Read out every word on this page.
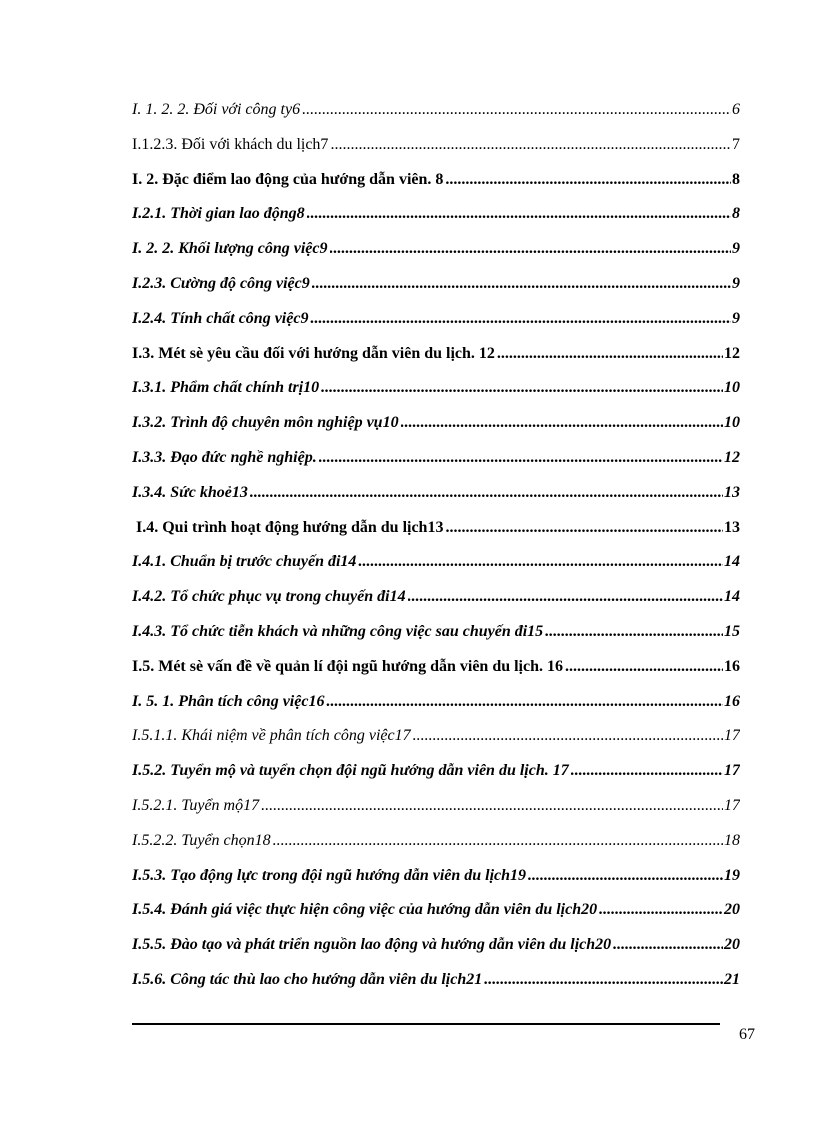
I. 1. 2. 2. Đối với công ty6 .....	6
I.1.2.3. Đối với khách du lịch7 .....	7
I. 2. Đặc điểm lao động của hướng dẫn viên. 8 .....	8
I.2.1. Thời gian lao động8 .....	8
I. 2. 2. Khối lượng công việc9 .....	9
I.2.3. Cường độ công việc9 .....	9
I.2.4. Tính chất công việc9 .....	9
I.3. Mét sè yêu cầu đối với hướng dẫn viên du lịch. 12 .....	12
I.3.1. Phẩm chất chính trị10 .....	10
I.3.2. Trình độ chuyên môn nghiệp vụ10 .....	10
I.3.3. Đạo đức nghề nghiệp. .....	12
I.3.4. Sức khoẻ13 .....	13
I.4. Qui trình hoạt động hướng dẫn du lịch13 .....	13
I.4.1. Chuẩn bị trước chuyến đi14 .....	14
I.4.2. Tổ chức phục vụ trong chuyến đi14 .....	14
I.4.3. Tổ chức tiễn khách và những công việc sau chuyến đi15 .....	15
I.5. Mét sè vấn đề về quản lí đội ngũ hướng dẫn viên du lịch. 16 .....	16
I. 5. 1. Phân tích công việc16 .....	16
I.5.1.1. Khái niệm về phân tích công việc17 .....	17
I.5.2. Tuyển mộ và tuyển chọn đội ngũ hướng dẫn viên du lịch. 17 .....	17
I.5.2.1. Tuyển mộ17 .....	17
I.5.2.2. Tuyển chọn18 .....	18
I.5.3. Tạo động lực trong đội ngũ hướng dẫn viên du lịch19 .....	19
I.5.4. Đánh giá việc thực hiện công việc của hướng dẫn viên du lịch20 .....	20
I.5.5. Đào tạo và phát triển nguồn lao động và hướng dẫn viên du lịch20 .....	20
I.5.6. Công tác thù lao cho hướng dẫn viên du lịch21 .....	21
67
